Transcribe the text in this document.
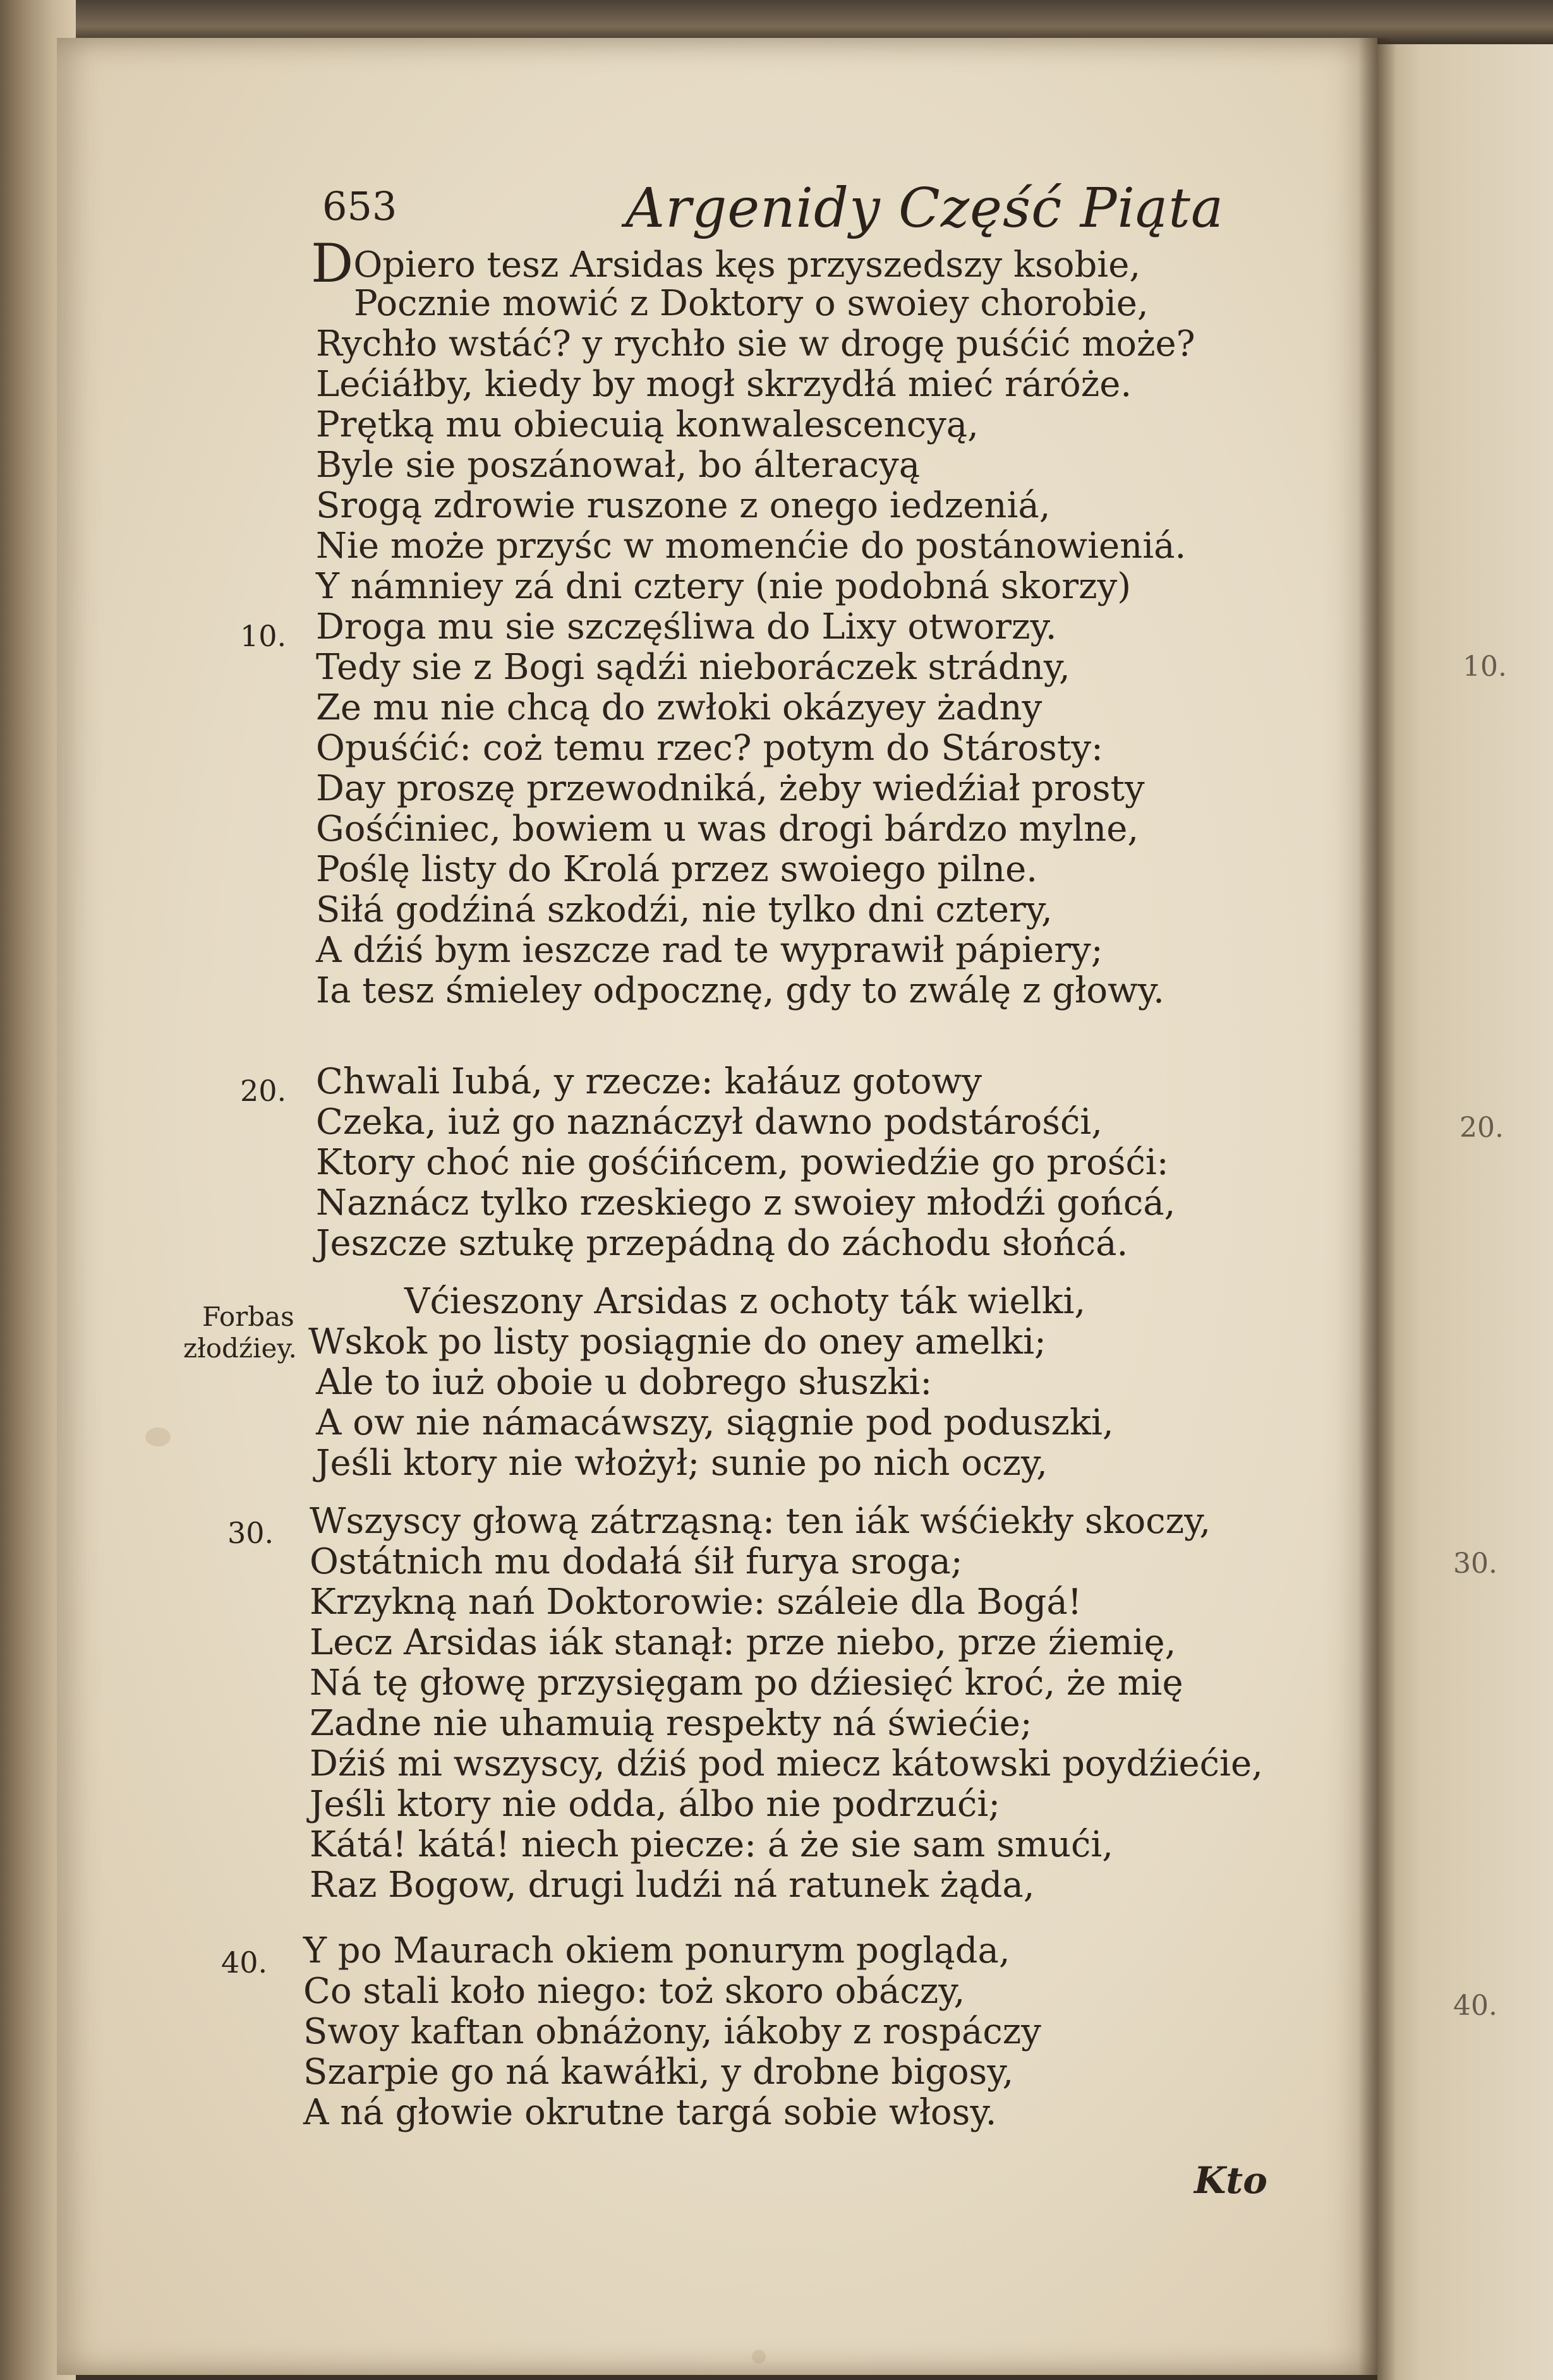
10.
20.
30.
40.
653	Argenidy Część Piąta
DOpiero tesz Arsidas kęs przyszedszy ksobie,
Pocznie mowić z Doktory o swoiey chorobie,
Rychło wstáć? y rychło sie w drogę puśćić może?
Lećiáłby, kiedy by mogł skrzydłá mieć ráróże.
Prętką mu obiecuią konwalescencyą,
Byle sie poszánował, bo álteracyą
Srogą zdrowie ruszone z onego iedzeniá,
Nie może przyśc w momenćie do postánowieniá.
Y námniey zá dni cztery (nie podobná skorzy)
10. Droga mu sie szczęśliwa do Lixy otworzy.
Tedy sie z Bogi sądźi nieboráczek strádny,
Ze mu nie chcą do zwłoki okázyey żadny
Opuśćić: coż temu rzec? potym do Stárosty:
Day proszę przewodniká, żeby wiedźiał prosty
Gośćiniec, bowiem u was drogi bárdzo mylne,
Poślę listy do Krolá przez swoiego pilne.
Siłá godźiná szkodźi, nie tylko dni cztery,
A dźiś bym ieszcze rad te wyprawił pápiery;
Ia tesz śmieley odpocznę, gdy to zwálę z głowy.
20. Chwali Iubá, y rzecze: kałáuz gotowy
Czeka, iuż go naznáczył dawno podstárośći,
Ktory choć nie gośćińcem, powiedźie go prośći:
Naznácz tylko rzeskiego z swoiey młodźi gońcá,
Jeszcze sztukę przepádną do záchodu słońcá.
Forbas
złodźiey.
Vćieszony Arsidas z ochoty ták wielki,
Wskok po listy posiągnie do oney amelki;
Ale to iuż oboie u dobrego słuszki:
A ow nie námacáwszy, siągnie pod poduszki,
Jeśli ktory nie włożył; sunie po nich oczy,
30. Wszyscy głową zátrząsną: ten iák wśćiekły skoczy,
Ostátnich mu dodałá śił furya sroga;
Krzykną nań Doktorowie: száleie dla Bogá!
Lecz Arsidas iák stanął: prze niebo, prze źiemię,
Ná tę głowę przysięgam po dźiesięć kroć, że mię
Zadne nie uhamuią respekty ná świećie;
Dźiś mi wszyscy, dźiś pod miecz kátowski poydźiećie,
Jeśli ktory nie odda, álbo nie podrzući;
Kátá! kátá! niech piecze: á że sie sam smući,
Raz Bogow, drugi ludźi ná ratunek żąda,
40. Y po Maurach okiem ponurym pogląda,
Co stali koło niego: toż skoro obáczy,
Swoy kaftan obnáżony, iákoby z rospáczy
Szarpie go ná kawáłki, y drobne bigosy,
A ná głowie okrutne targá sobie włosy.
Kto
